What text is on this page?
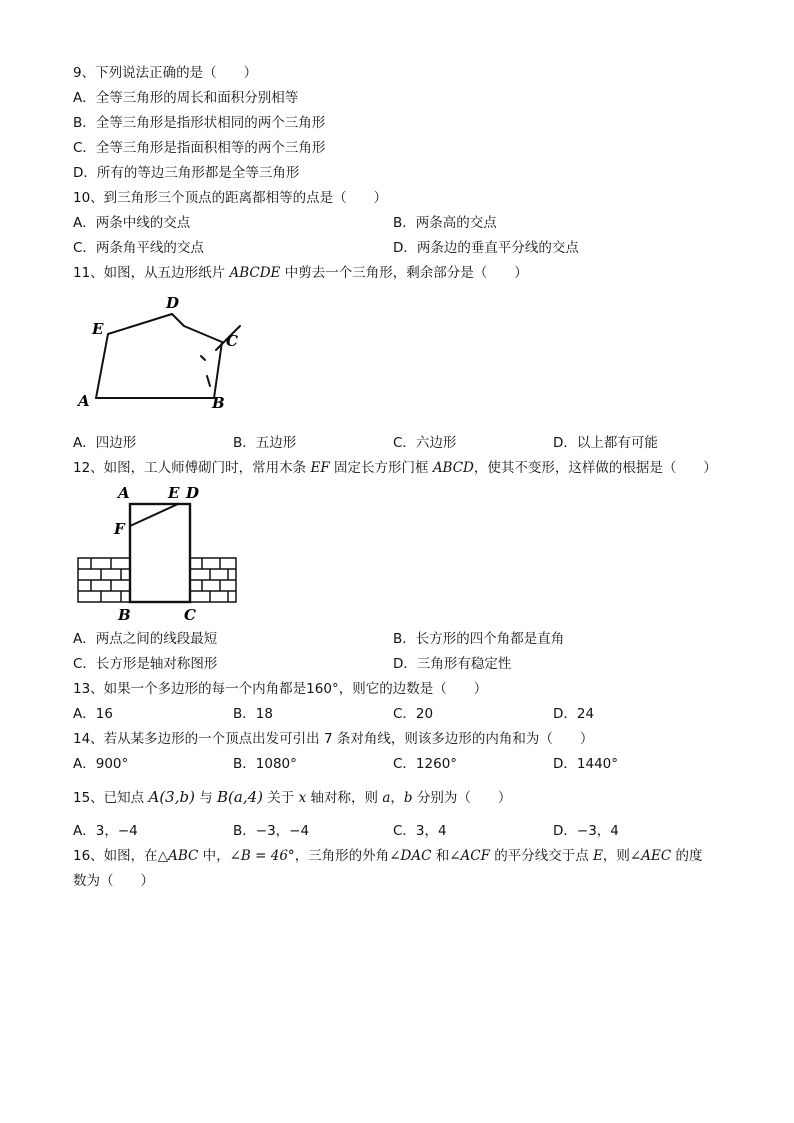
9、下列说法正确的是（　　）
A．全等三角形的周长和面积分别相等
B．全等三角形是指形状相同的两个三角形
C．全等三角形是指面积相等的两个三角形
D．所有的等边三角形都是全等三角形
10、到三角形三个顶点的距离都相等的点是（　　）
A．两条中线的交点	B．两条高的交点
C．两条角平线的交点	D．两条边的垂直平分线的交点
11、如图，从五边形纸片 ABCDE 中剪去一个三角形，剩余部分是（　　）
A	B
C
D
E
A．四边形	B．五边形	C．六边形	D．以上都有可能
12、如图，工人师傅砌门时，常用木条 EF 固定长方形门框 ABCD，使其不变形，这样做的根据是（　　）
A	E D
F
B	C
A．两点之间的线段最短	B．长方形的四个角都是直角
C．长方形是轴对称图形	D．三角形有稳定性
13、如果一个多边形的每一个内角都是160°，则它的边数是（　　）
A．16	B．18	C．20	D．24
14、若从某多边形的一个顶点出发可引出 7 条对角线，则该多边形的内角和为（　　）
A．900°	B．1080°	C．1260°	D．1440°
15、已知点 A(3,b) 与 B(a,4) 关于 x 轴对称，则 a，b 分别为（　　）
A．3，−4	B．−3，−4	C．3，4	D．−3，4
16、如图，在△ABC 中，∠B = 46°，三角形的外角∠DAC 和∠ACF 的平分线交于点 E，则∠AEC 的度
数为（　　）
